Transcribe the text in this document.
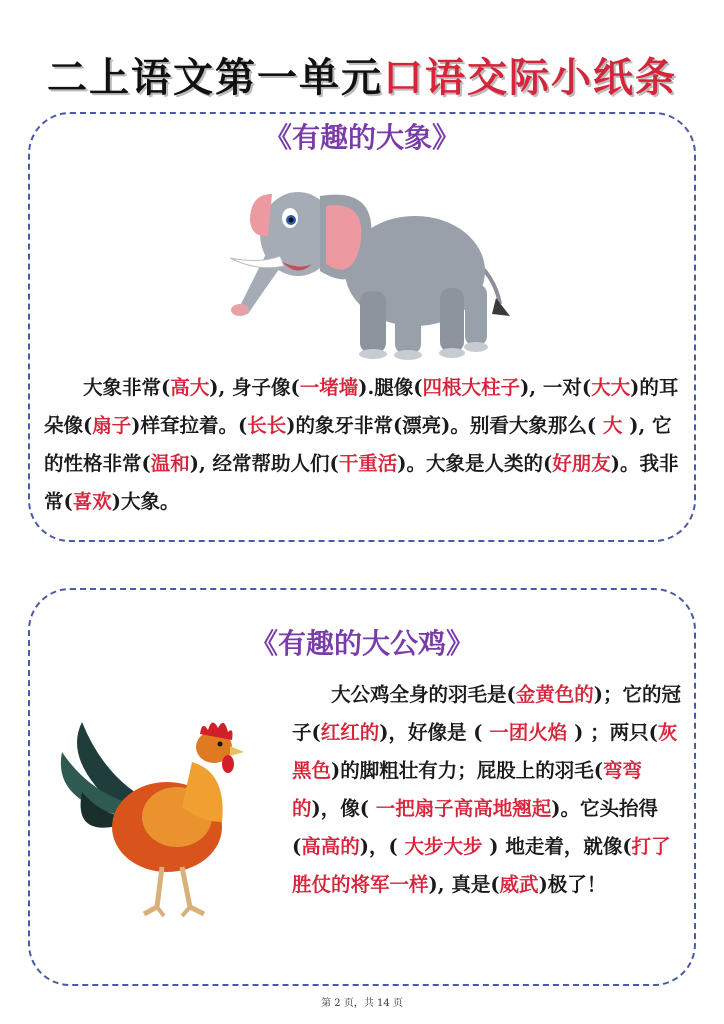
二上语文第一单元口语交际小纸条
《有趣的大象》
大象非常(高大), 身子像(一堵墙).腿像(四根大柱子), 一对(大大)的耳朵像(扇子)样耷拉着。(长长)的象牙非常(漂亮)。别看大象那么( 大 ), 它的性格非常(温和), 经常帮助人们(干重活)。大象是人类的(好朋友)。我非常(喜欢)大象。
《有趣的大公鸡》
大公鸡全身的羽毛是(金黄色的)；它的冠子(红红的)，好像是 ( 一团火焰 ) ；两只(灰黑色)的脚粗壮有力；屁股上的羽毛(弯弯的)，像( 一把扇子高高地翘起)。它头抬得(高高的)，( 大步大步 ) 地走着，就像(打了胜仗的将军一样), 真是(威武)极了！
第 2 页，共 14 页
